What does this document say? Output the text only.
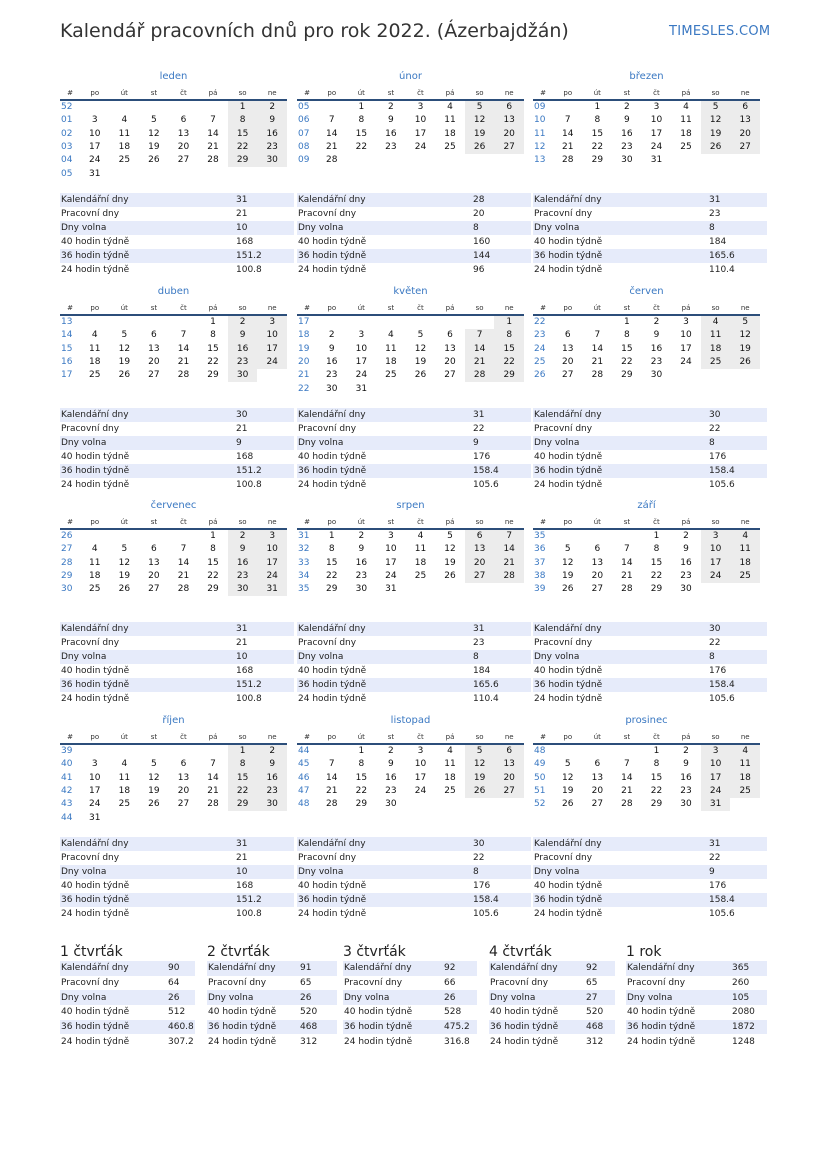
Kalendář pracovních dnů pro rok 2022. (Ázerbajdžán)	TIMESLES.COM
leden
#	po	út	st	čt	pá	so	ne
52						1	2
01	3	4	5	6	7	8	9
02	10	11	12	13	14	15	16
03	17	18	19	20	21	22	23
04	24	25	26	27	28	29	30
05	31						
Kalendářní dny	31
Pracovní dny	21
Dny volna	10
40 hodin týdně	168
36 hodin týdně	151.2
24 hodin týdně	100.8
únor
#	po	út	st	čt	pá	so	ne
05		1	2	3	4	5	6
06	7	8	9	10	11	12	13
07	14	15	16	17	18	19	20
08	21	22	23	24	25	26	27
09	28						
Kalendářní dny	28
Pracovní dny	20
Dny volna	8
40 hodin týdně	160
36 hodin týdně	144
24 hodin týdně	96
březen
#	po	út	st	čt	pá	so	ne
09		1	2	3	4	5	6
10	7	8	9	10	11	12	13
11	14	15	16	17	18	19	20
12	21	22	23	24	25	26	27
13	28	29	30	31			
Kalendářní dny	31
Pracovní dny	23
Dny volna	8
40 hodin týdně	184
36 hodin týdně	165.6
24 hodin týdně	110.4
duben
#	po	út	st	čt	pá	so	ne
13					1	2	3
14	4	5	6	7	8	9	10
15	11	12	13	14	15	16	17
16	18	19	20	21	22	23	24
17	25	26	27	28	29	30	
Kalendářní dny	30
Pracovní dny	21
Dny volna	9
40 hodin týdně	168
36 hodin týdně	151.2
24 hodin týdně	100.8
květen
#	po	út	st	čt	pá	so	ne
17							1
18	2	3	4	5	6	7	8
19	9	10	11	12	13	14	15
20	16	17	18	19	20	21	22
21	23	24	25	26	27	28	29
22	30	31					
Kalendářní dny	31
Pracovní dny	22
Dny volna	9
40 hodin týdně	176
36 hodin týdně	158.4
24 hodin týdně	105.6
červen
#	po	út	st	čt	pá	so	ne
22			1	2	3	4	5
23	6	7	8	9	10	11	12
24	13	14	15	16	17	18	19
25	20	21	22	23	24	25	26
26	27	28	29	30			
Kalendářní dny	30
Pracovní dny	22
Dny volna	8
40 hodin týdně	176
36 hodin týdně	158.4
24 hodin týdně	105.6
červenec
#	po	út	st	čt	pá	so	ne
26					1	2	3
27	4	5	6	7	8	9	10
28	11	12	13	14	15	16	17
29	18	19	20	21	22	23	24
30	25	26	27	28	29	30	31
Kalendářní dny	31
Pracovní dny	21
Dny volna	10
40 hodin týdně	168
36 hodin týdně	151.2
24 hodin týdně	100.8
srpen
#	po	út	st	čt	pá	so	ne
31	1	2	3	4	5	6	7
32	8	9	10	11	12	13	14
33	15	16	17	18	19	20	21
34	22	23	24	25	26	27	28
35	29	30	31				
Kalendářní dny	31
Pracovní dny	23
Dny volna	8
40 hodin týdně	184
36 hodin týdně	165.6
24 hodin týdně	110.4
září
#	po	út	st	čt	pá	so	ne
35				1	2	3	4
36	5	6	7	8	9	10	11
37	12	13	14	15	16	17	18
38	19	20	21	22	23	24	25
39	26	27	28	29	30		
Kalendářní dny	30
Pracovní dny	22
Dny volna	8
40 hodin týdně	176
36 hodin týdně	158.4
24 hodin týdně	105.6
říjen
#	po	út	st	čt	pá	so	ne
39						1	2
40	3	4	5	6	7	8	9
41	10	11	12	13	14	15	16
42	17	18	19	20	21	22	23
43	24	25	26	27	28	29	30
44	31						
Kalendářní dny	31
Pracovní dny	21
Dny volna	10
40 hodin týdně	168
36 hodin týdně	151.2
24 hodin týdně	100.8
listopad
#	po	út	st	čt	pá	so	ne
44		1	2	3	4	5	6
45	7	8	9	10	11	12	13
46	14	15	16	17	18	19	20
47	21	22	23	24	25	26	27
48	28	29	30				
Kalendářní dny	30
Pracovní dny	22
Dny volna	8
40 hodin týdně	176
36 hodin týdně	158.4
24 hodin týdně	105.6
prosinec
#	po	út	st	čt	pá	so	ne
48				1	2	3	4
49	5	6	7	8	9	10	11
50	12	13	14	15	16	17	18
51	19	20	21	22	23	24	25
52	26	27	28	29	30	31	
Kalendářní dny	31
Pracovní dny	22
Dny volna	9
40 hodin týdně	176
36 hodin týdně	158.4
24 hodin týdně	105.6
1 čtvrťák
Kalendářní dny	90
Pracovní dny	64
Dny volna	26
40 hodin týdně	512
36 hodin týdně	460.8
24 hodin týdně	307.2
2 čtvrťák
Kalendářní dny	91
Pracovní dny	65
Dny volna	26
40 hodin týdně	520
36 hodin týdně	468
24 hodin týdně	312
3 čtvrťák
Kalendářní dny	92
Pracovní dny	66
Dny volna	26
40 hodin týdně	528
36 hodin týdně	475.2
24 hodin týdně	316.8
4 čtvrťák
Kalendářní dny	92
Pracovní dny	65
Dny volna	27
40 hodin týdně	520
36 hodin týdně	468
24 hodin týdně	312
1 rok
Kalendářní dny	365
Pracovní dny	260
Dny volna	105
40 hodin týdně	2080
36 hodin týdně	1872
24 hodin týdně	1248
